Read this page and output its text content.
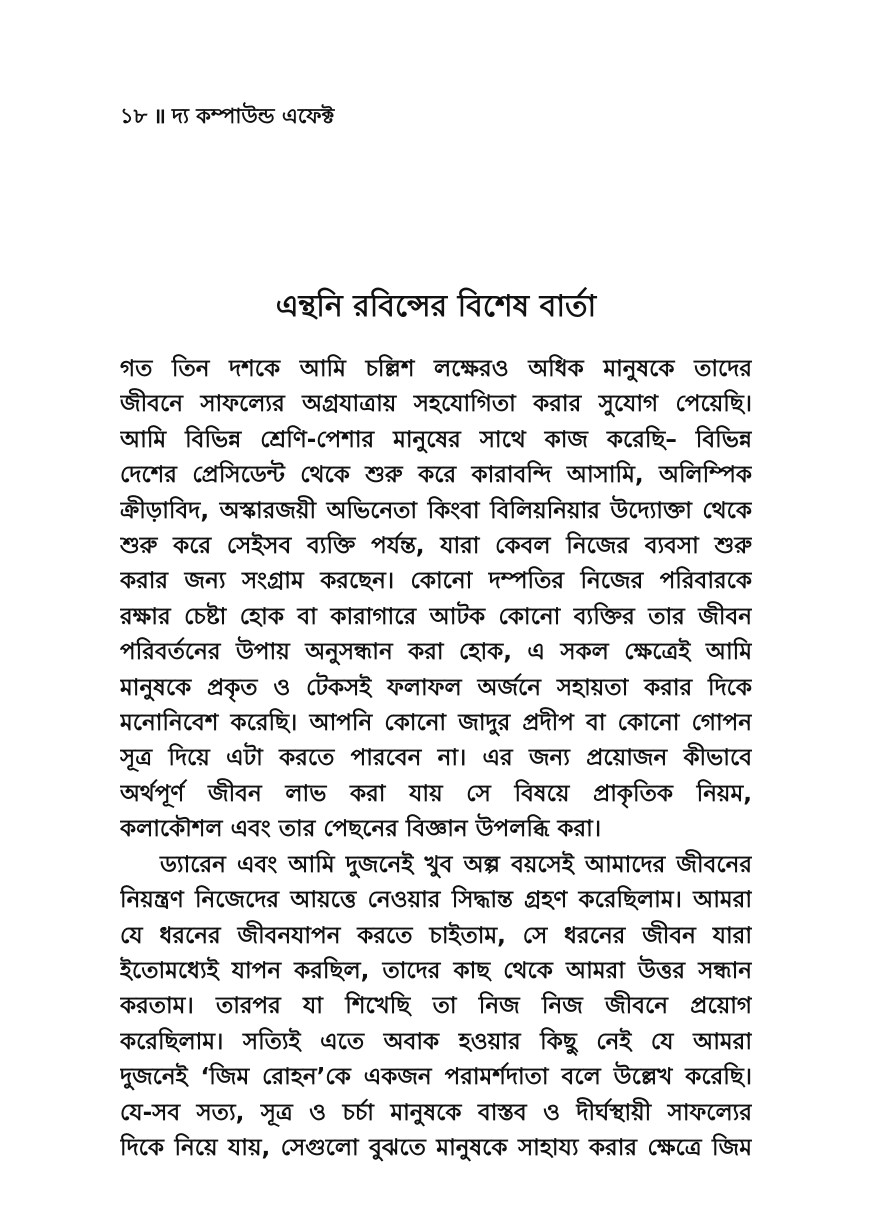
১৮ ॥ দ্য কম্পাউন্ড এফেক্ট
এন্থনি রবিন্সের বিশেষ বার্তা
গত তিন দশকে আমি চল্লিশ লক্ষেরও অধিক মানুষকে তাদের
জীবনে সাফল্যের অগ্রযাত্রায় সহযোগিতা করার সুযোগ পেয়েছি।
আমি বিভিন্ন শ্রেণি-পেশার মানুষের সাথে কাজ করেছি– বিভিন্ন
দেশের প্রেসিডেন্ট থেকে শুরু করে কারাবন্দি আসামি, অলিম্পিক
ক্রীড়াবিদ, অস্কারজয়ী অভিনেতা কিংবা বিলিয়নিয়ার উদ্যোক্তা থেকে
শুরু করে সেইসব ব্যক্তি পর্যন্ত, যারা কেবল নিজের ব্যবসা শুরু
করার জন্য সংগ্রাম করছেন। কোনো দম্পতির নিজের পরিবারকে
রক্ষার চেষ্টা হোক বা কারাগারে আটক কোনো ব্যক্তির তার জীবন
পরিবর্তনের উপায় অনুসন্ধান করা হোক, এ সকল ক্ষেত্রেই আমি
মানুষকে প্রকৃত ও টেকসই ফলাফল অর্জনে সহায়তা করার দিকে
মনোনিবেশ করেছি। আপনি কোনো জাদুর প্রদীপ বা কোনো গোপন
সূত্র দিয়ে এটা করতে পারবেন না। এর জন্য প্রয়োজন কীভাবে
অর্থপূর্ণ জীবন লাভ করা যায় সে বিষয়ে প্রাকৃতিক নিয়ম,
কলাকৌশল এবং তার পেছনের বিজ্ঞান উপলব্ধি করা।
ড্যারেন এবং আমি দুজনেই খুব অল্প বয়সেই আমাদের জীবনের
নিয়ন্ত্রণ নিজেদের আয়ত্তে নেওয়ার সিদ্ধান্ত গ্রহণ করেছিলাম। আমরা
যে ধরনের জীবনযাপন করতে চাইতাম, সে ধরনের জীবন যারা
ইতোমধ্যেই যাপন করছিল, তাদের কাছ থেকে আমরা উত্তর সন্ধান
করতাম। তারপর যা শিখেছি তা নিজ নিজ জীবনে প্রয়োগ
করেছিলাম। সত্যিই এতে অবাক হওয়ার কিছু নেই যে আমরা
দুজনেই ‘জিম রোহন’কে একজন পরামর্শদাতা বলে উল্লেখ করেছি।
যে-সব সত্য, সূত্র ও চর্চা মানুষকে বাস্তব ও দীর্ঘস্থায়ী সাফল্যের
দিকে নিয়ে যায়, সেগুলো বুঝতে মানুষকে সাহায্য করার ক্ষেত্রে জিম
